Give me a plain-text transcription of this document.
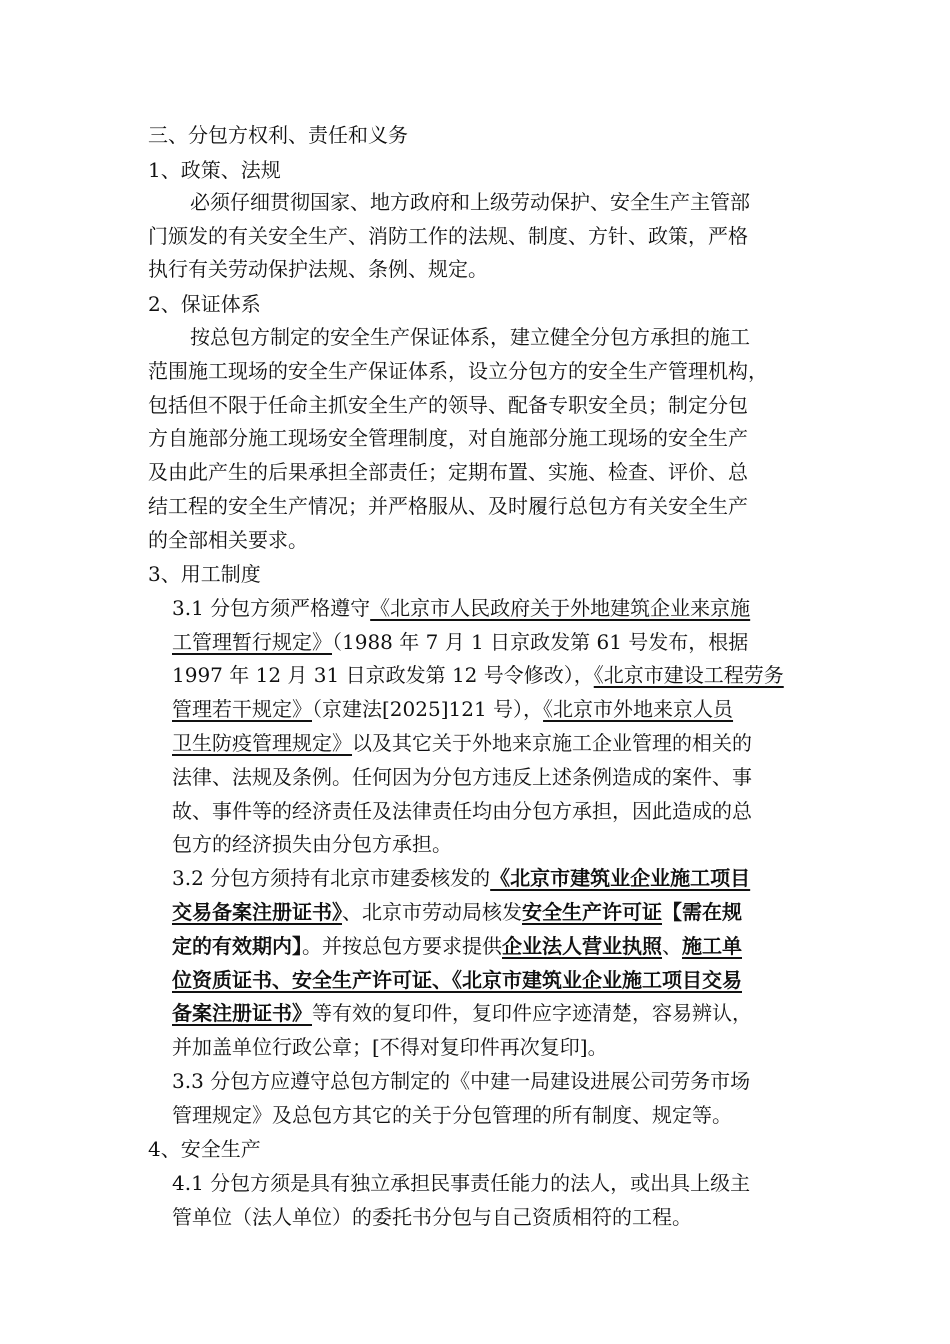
三、分包方权利、责任和义务
1、政策、法规
必须仔细贯彻国家、地方政府和上级劳动保护、安全生产主管部
门颁发的有关安全生产、消防工作的法规、制度、方针、政策，严格
执行有关劳动保护法规、条例、规定。
2、保证体系
按总包方制定的安全生产保证体系，建立健全分包方承担的施工
范围施工现场的安全生产保证体系，设立分包方的安全生产管理机构，
包括但不限于任命主抓安全生产的领导、配备专职安全员；制定分包
方自施部分施工现场安全管理制度，对自施部分施工现场的安全生产
及由此产生的后果承担全部责任；定期布置、实施、检查、评价、总
结工程的安全生产情况；并严格服从、及时履行总包方有关安全生产
的全部相关要求。
3、用工制度
3.1 分包方须严格遵守《北京市人民政府关于外地建筑企业来京施
工管理暂行规定》（1988 年 7 月 1 日京政发第 61 号发布，根据
1997 年 12 月 31 日京政发第 12 号令修改），《北京市建设工程劳务
管理若干规定》（京建法[2025]121 号），《北京市外地来京人员
卫生防疫管理规定》以及其它关于外地来京施工企业管理的相关的
法律、法规及条例。任何因为分包方违反上述条例造成的案件、事
故、事件等的经济责任及法律责任均由分包方承担，因此造成的总
包方的经济损失由分包方承担。
3.2 分包方须持有北京市建委核发的《北京市建筑业企业施工项目
交易备案注册证书》、北京市劳动局核发安全生产许可证【需在规
定的有效期内】。并按总包方要求提供企业法人营业执照、施工单
位资质证书、安全生产许可证、《北京市建筑业企业施工项目交易
备案注册证书》等有效的复印件，复印件应字迹清楚，容易辨认，
并加盖单位行政公章；[不得对复印件再次复印]。
3.3 分包方应遵守总包方制定的《中建一局建设进展公司劳务市场
管理规定》及总包方其它的关于分包管理的所有制度、规定等。
4、安全生产
4.1 分包方须是具有独立承担民事责任能力的法人，或出具上级主
管单位（法人单位）的委托书分包与自己资质相符的工程。
